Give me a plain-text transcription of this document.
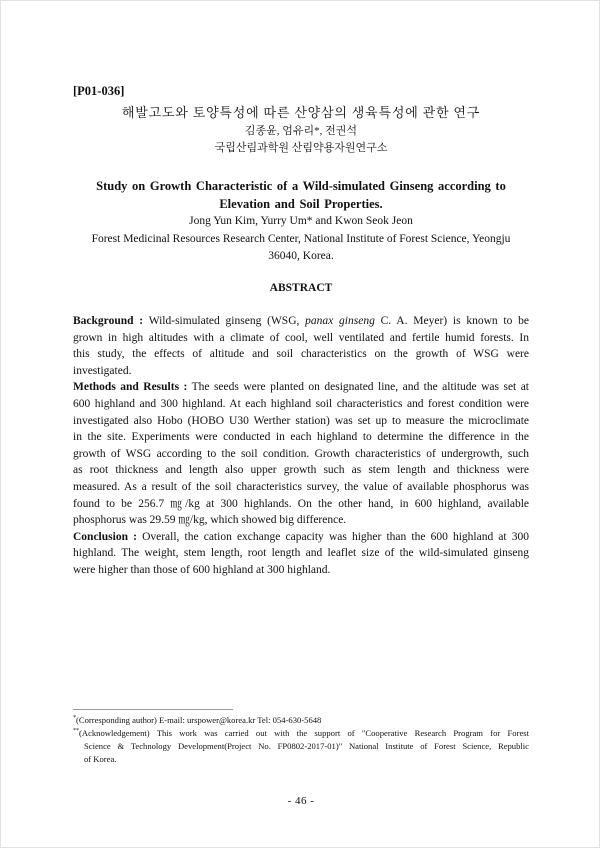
[P01-036]
해발고도와 토양특성에 따른 산양삼의 생육특성에 관한 연구
김종윤, 엄유리*, 전권석
국립산림과학원 산림약용자원연구소
Study on Growth Characteristic of a Wild-simulated Ginseng according to
Elevation and Soil Properties.
Jong Yun Kim, Yurry Um* and Kwon Seok Jeon
Forest Medicinal Resources Research Center, National Institute of Forest Science, Yeongju
36040, Korea.
ABSTRACT
Background : Wild-simulated ginseng (WSG, panax ginseng C. A. Meyer) is known to be
grown in high altitudes with a climate of cool, well ventilated and fertile humid forests. In
this study, the effects of altitude and soil characteristics on the growth of WSG were
investigated.
Methods and Results : The seeds were planted on designated line, and the altitude was set at
600 highland and 300 highland. At each highland soil characteristics and forest condition were
investigated also Hobo (HOBO U30 Werther station) was set up to measure the microclimate
in the site. Experiments were conducted in each highland to determine the difference in the
growth of WSG according to the soil condition. Growth characteristics of undergrowth, such
as root thickness and length also upper growth such as stem length and thickness were
measured. As a result of the soil characteristics survey, the value of available phosphorus was
found to be 256.7 ㎎/kg at 300 highlands. On the other hand, in 600 highland, available
phosphorus was 29.59 ㎎/kg, which showed big difference.
Conclusion : Overall, the cation exchange capacity was higher than the 600 highland at 300
highland. The weight, stem length, root length and leaflet size of the wild-simulated ginseng
were higher than those of 600 highland at 300 highland.
*(Corresponding author) E-mail: urspower@korea.kr Tel: 054-630-5648
**(Acknowledgement) This work was carried out with the support of "Cooperative Research Program for Forest
Science & Technology Development(Project No. FP0802-2017-01)" National Institute of Forest Science, Republic
of Korea.
- 46 -
